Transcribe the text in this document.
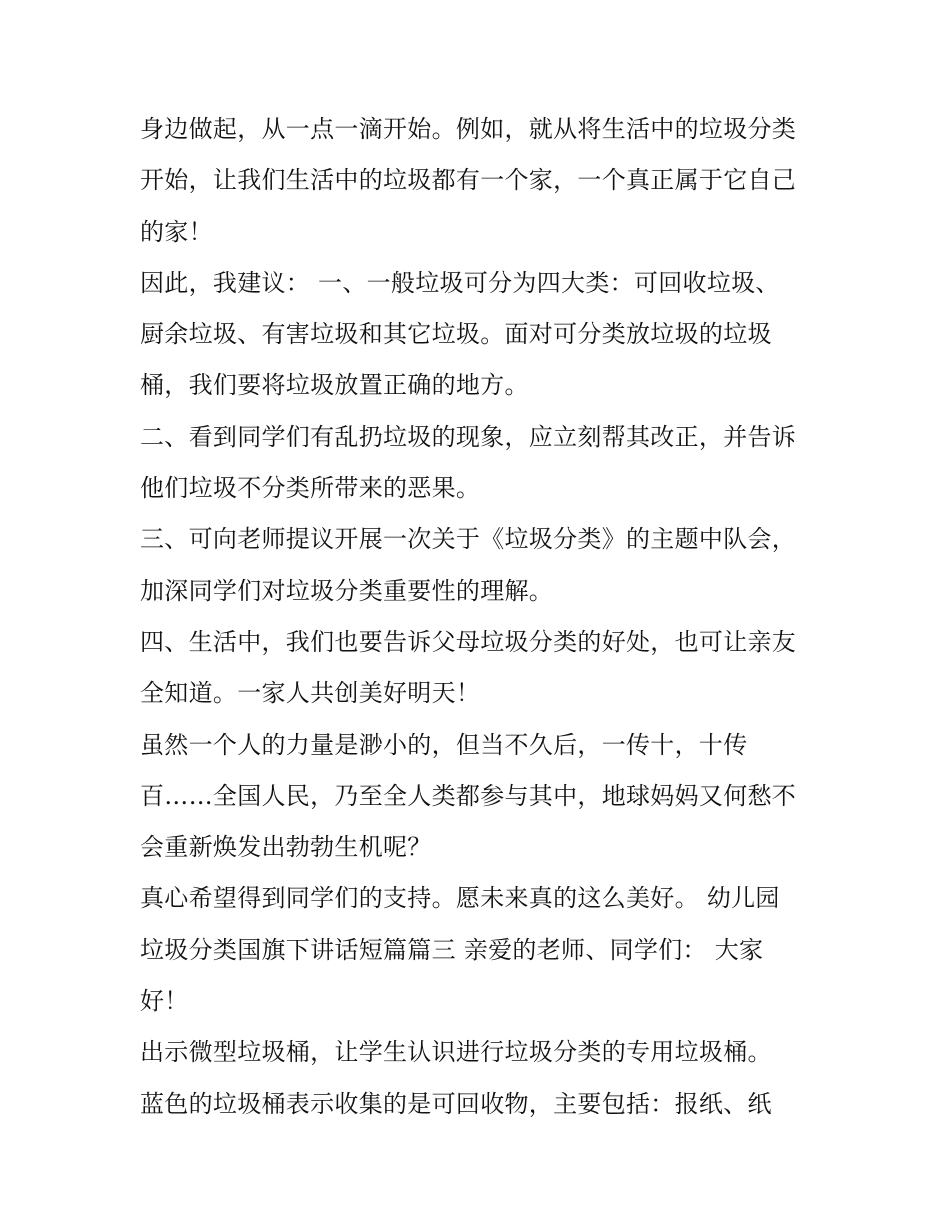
身边做起，从一点一滴开始。例如，就从将生活中的垃圾分类
开始，让我们生活中的垃圾都有一个家，一个真正属于它自己
的家！
因此，我建议： 一、一般垃圾可分为四大类：可回收垃圾、
厨余垃圾、有害垃圾和其它垃圾。面对可分类放垃圾的垃圾
桶，我们要将垃圾放置正确的地方。
二、看到同学们有乱扔垃圾的现象，应立刻帮其改正，并告诉
他们垃圾不分类所带来的恶果。
三、可向老师提议开展一次关于《垃圾分类》的主题中队会，
加深同学们对垃圾分类重要性的理解。
四、生活中，我们也要告诉父母垃圾分类的好处，也可让亲友
全知道。一家人共创美好明天！
虽然一个人的力量是渺小的，但当不久后，一传十，十传
百……全国人民，乃至全人类都参与其中，地球妈妈又何愁不
会重新焕发出勃勃生机呢？
真心希望得到同学们的支持。愿未来真的这么美好。 幼儿园
垃圾分类国旗下讲话短篇篇三 亲爱的老师、同学们： 大家
好！
出示微型垃圾桶，让学生认识进行垃圾分类的专用垃圾桶。
蓝色的垃圾桶表示收集的是可回收物，主要包括：报纸、纸
